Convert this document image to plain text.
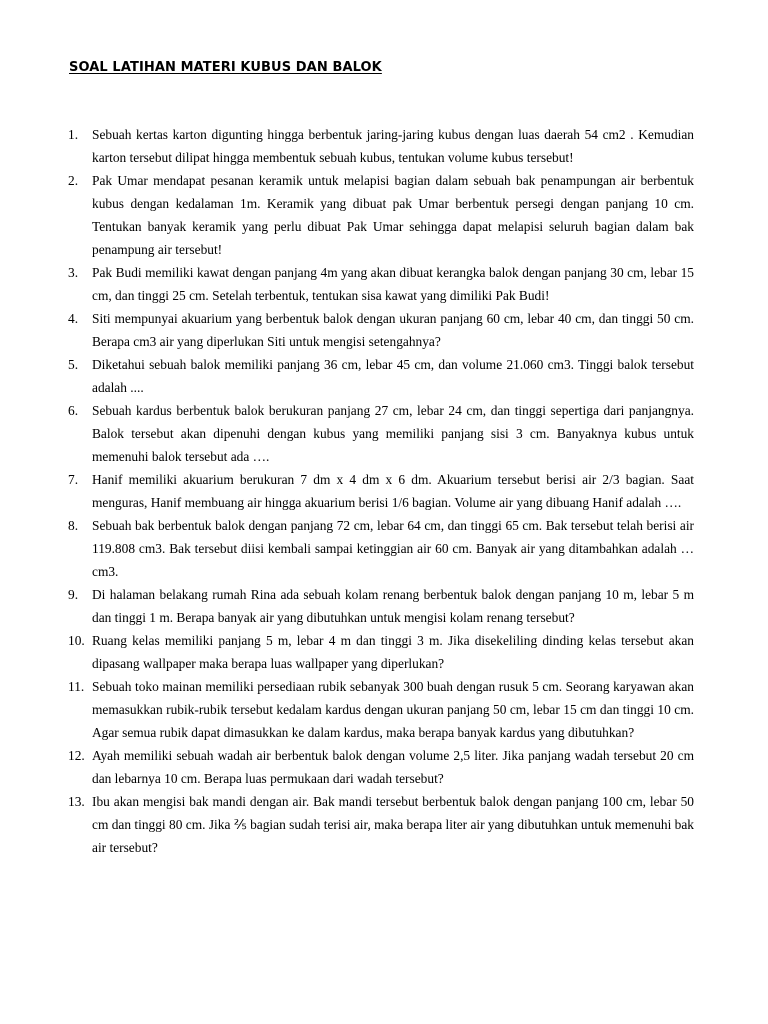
SOAL LATIHAN MATERI KUBUS DAN BALOK
1. Sebuah kertas karton digunting hingga berbentuk jaring-jaring kubus dengan luas daerah 54 cm2 . Kemudian karton tersebut dilipat hingga membentuk sebuah kubus, tentukan volume kubus tersebut!
2. Pak Umar mendapat pesanan keramik untuk melapisi bagian dalam sebuah bak penampungan air berbentuk kubus dengan kedalaman 1m. Keramik yang dibuat pak Umar berbentuk persegi dengan panjang 10 cm. Tentukan banyak keramik yang perlu dibuat Pak Umar sehingga dapat melapisi seluruh bagian dalam bak penampung air tersebut!
3. Pak Budi memiliki kawat dengan panjang 4m yang akan dibuat kerangka balok dengan panjang 30 cm, lebar 15 cm, dan tinggi 25 cm. Setelah terbentuk, tentukan sisa kawat yang dimiliki Pak Budi!
4. Siti mempunyai akuarium yang berbentuk balok dengan ukuran panjang 60 cm, lebar 40 cm, dan tinggi 50 cm. Berapa cm3 air yang diperlukan Siti untuk mengisi setengahnya?
5. Diketahui sebuah balok memiliki panjang 36 cm, lebar 45 cm, dan volume 21.060 cm3. Tinggi balok tersebut adalah ....
6. Sebuah kardus berbentuk balok berukuran panjang 27 cm, lebar 24 cm, dan tinggi sepertiga dari panjangnya. Balok tersebut akan dipenuhi dengan kubus yang memiliki panjang sisi 3 cm. Banyaknya kubus untuk memenuhi balok tersebut ada ….
7. Hanif memiliki akuarium berukuran 7 dm x 4 dm x 6 dm. Akuarium tersebut berisi air 2/3 bagian. Saat menguras, Hanif membuang air hingga akuarium berisi 1/6 bagian. Volume air yang dibuang Hanif adalah ….
8. Sebuah bak berbentuk balok dengan panjang 72 cm, lebar 64 cm, dan tinggi 65 cm. Bak tersebut telah berisi air 119.808 cm3. Bak tersebut diisi kembali sampai ketinggian air 60 cm. Banyak air yang ditambahkan adalah … cm3.
9. Di halaman belakang rumah Rina ada sebuah kolam renang berbentuk balok dengan panjang 10 m, lebar 5 m dan tinggi 1 m. Berapa banyak air yang dibutuhkan untuk mengisi kolam renang tersebut?
10. Ruang kelas memiliki panjang 5 m, lebar 4 m dan tinggi 3 m. Jika disekeliling dinding kelas tersebut akan dipasang wallpaper maka berapa luas wallpaper yang diperlukan?
11. Sebuah toko mainan memiliki persediaan rubik sebanyak 300 buah dengan rusuk 5 cm. Seorang karyawan akan memasukkan rubik-rubik tersebut kedalam kardus dengan ukuran panjang 50 cm, lebar 15 cm dan tinggi 10 cm. Agar semua rubik dapat dimasukkan ke dalam kardus, maka berapa banyak kardus yang dibutuhkan?
12. Ayah memiliki sebuah wadah air berbentuk balok dengan volume 2,5 liter. Jika panjang wadah tersebut 20 cm dan lebarnya 10 cm. Berapa luas permukaan dari wadah tersebut?
13. Ibu akan mengisi bak mandi dengan air. Bak mandi tersebut berbentuk balok dengan panjang 100 cm, lebar 50 cm dan tinggi 80 cm. Jika ⅖ bagian sudah terisi air, maka berapa liter air yang dibutuhkan untuk memenuhi bak air tersebut?
